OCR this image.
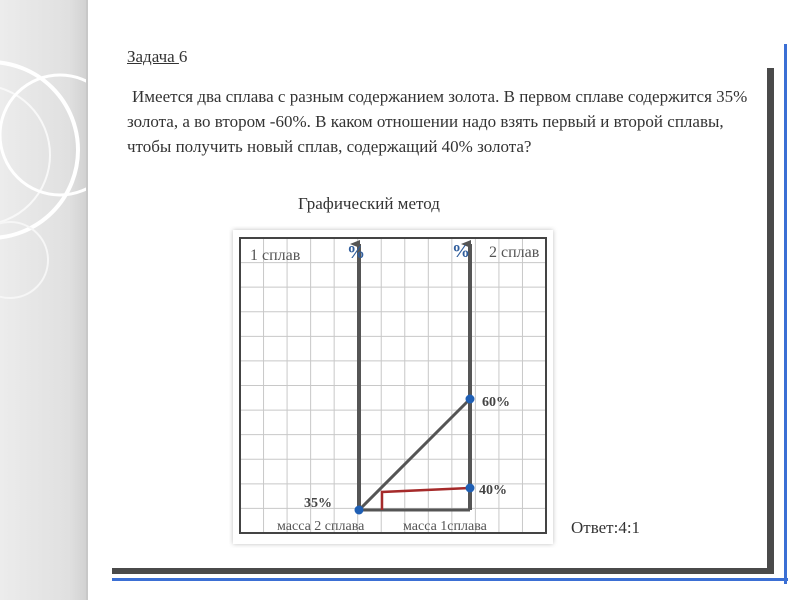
Задача 6
Имеется два сплава с разным содержанием золота. В первом сплаве содержится 35% золота, а во втором -60%. В каком отношении надо взять первый и второй сплавы, чтобы получить новый сплав, содержащий 40% золота?
Графический метод
1 сплав	2 сплав
%	%
60%
40%
35%
масса 2 сплава	масса 1сплава	Ответ:4:1
